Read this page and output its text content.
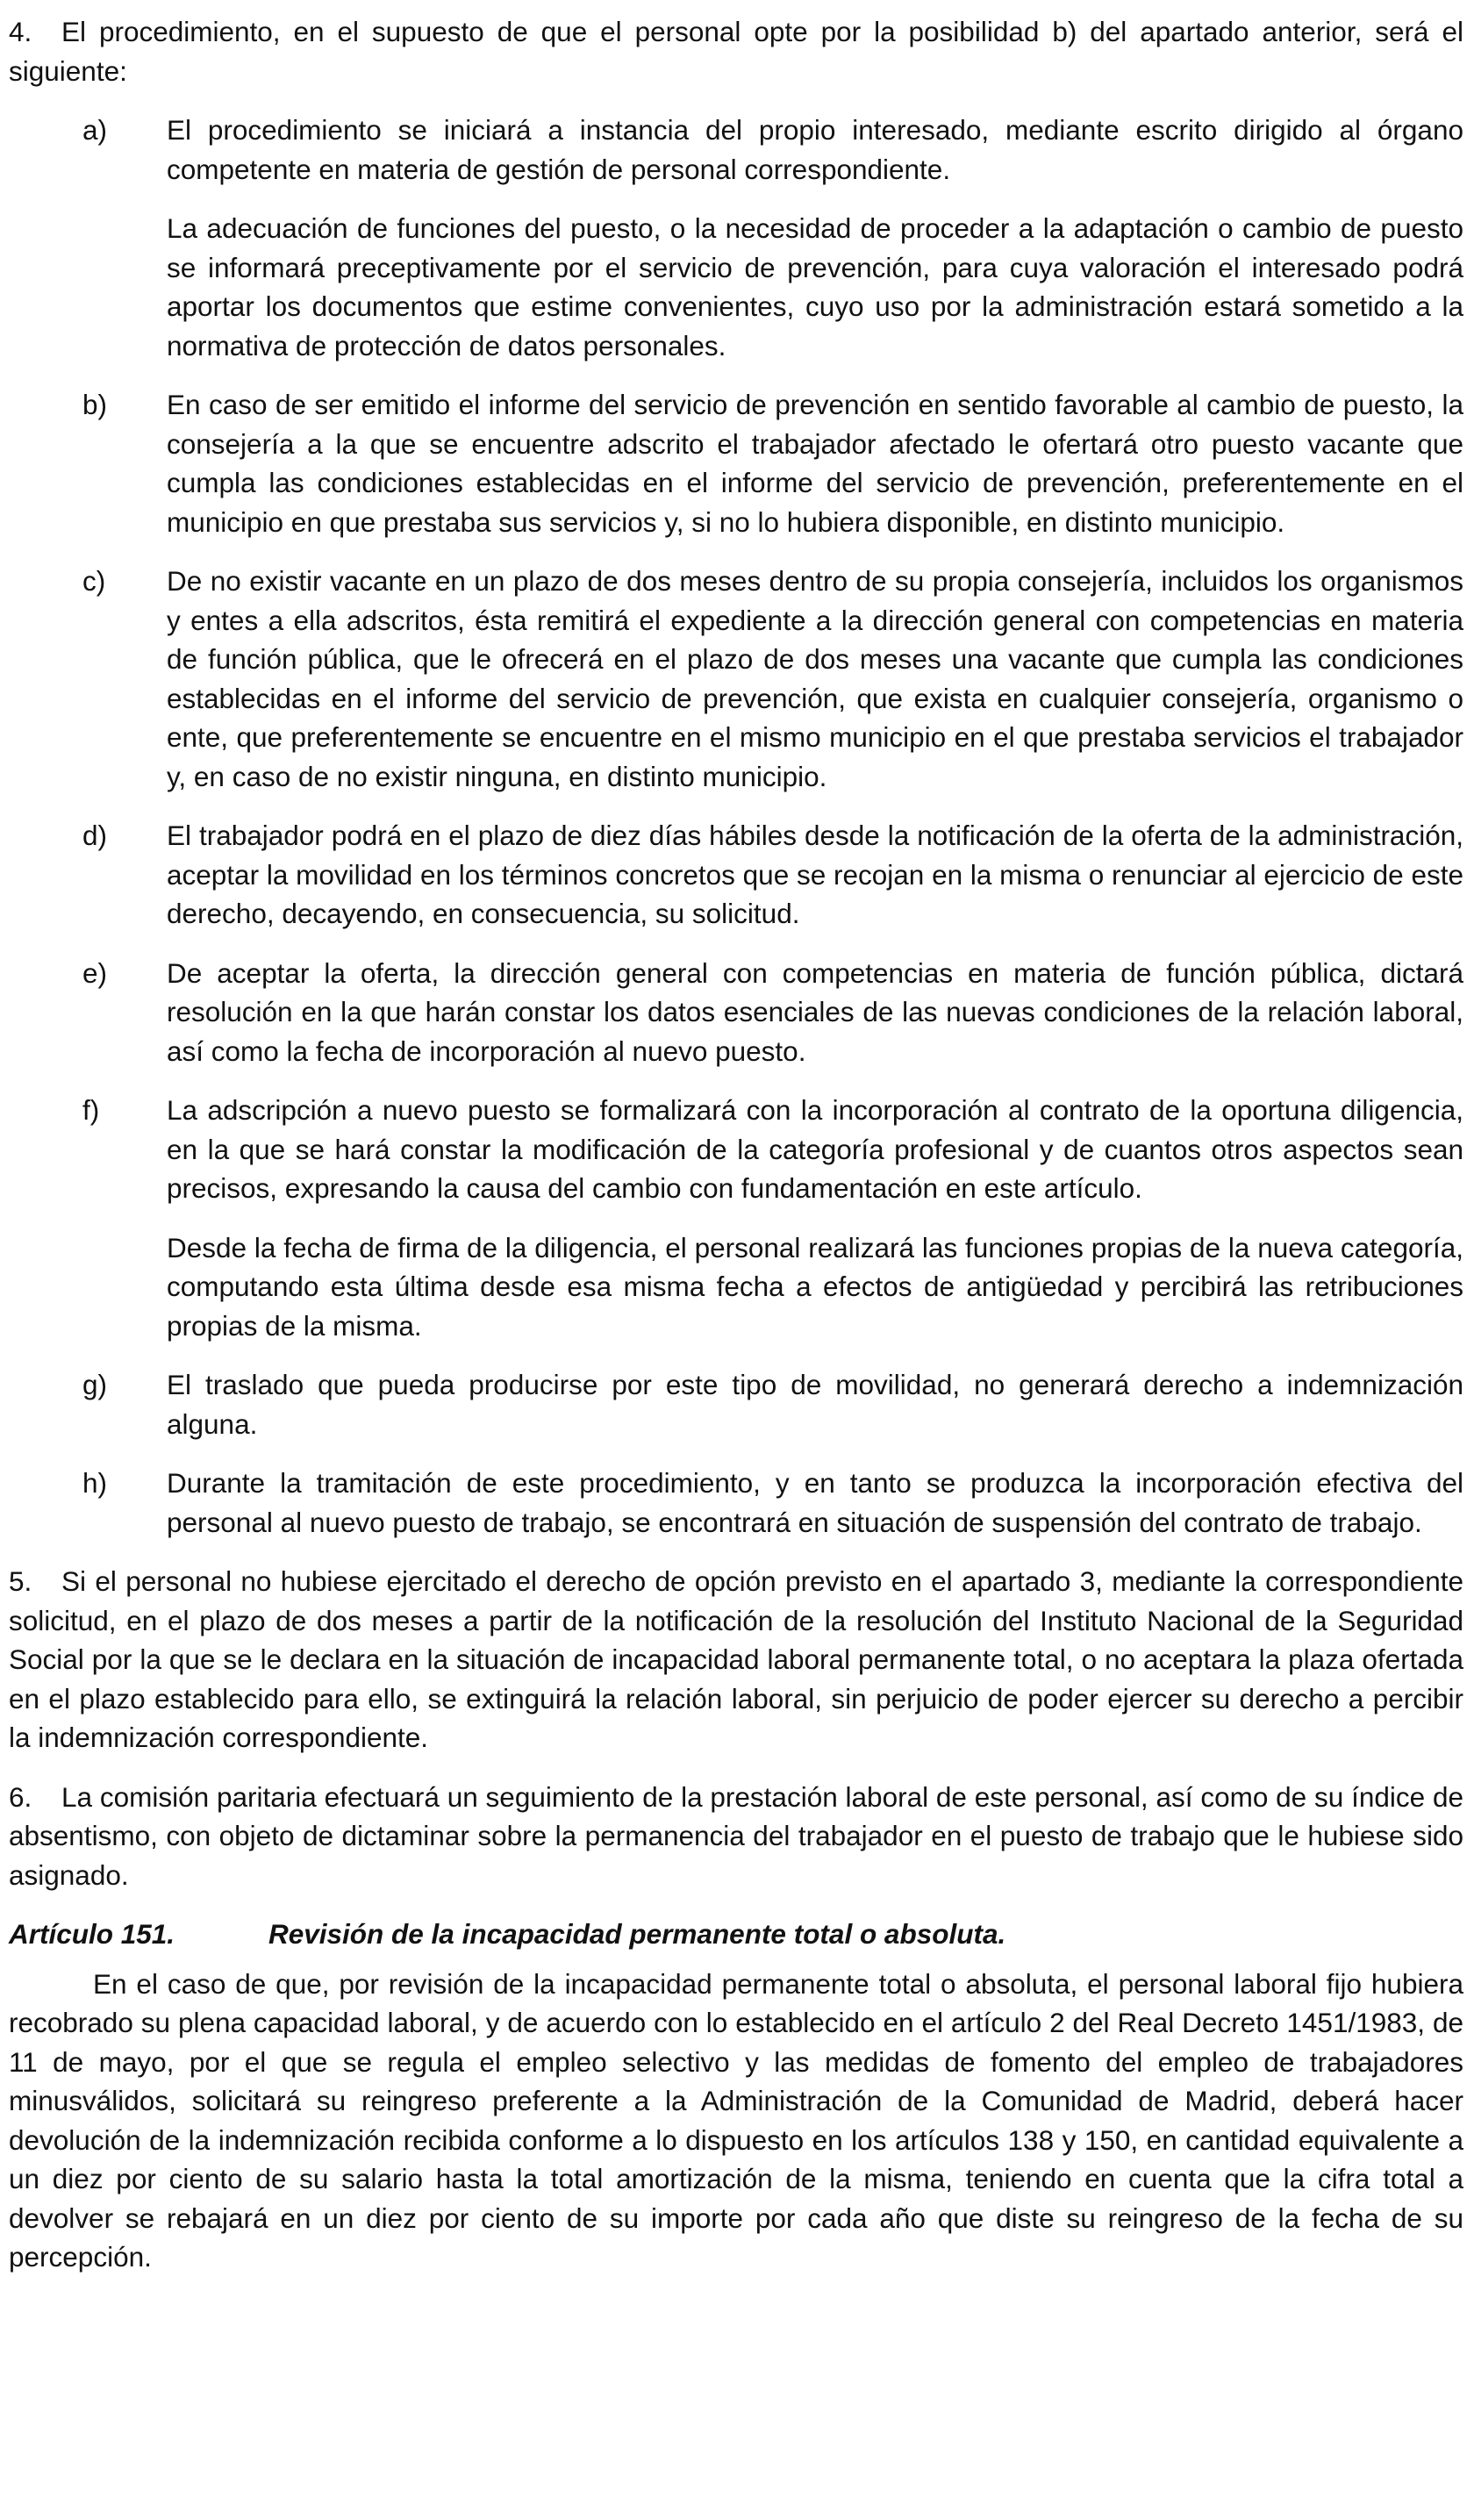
4. El procedimiento, en el supuesto de que el personal opte por la posibilidad b) del apartado anterior, será el siguiente:

a)	El procedimiento se iniciará a instancia del propio interesado, mediante escrito dirigido al órgano competente en materia de gestión de personal correspondiente.

La adecuación de funciones del puesto, o la necesidad de proceder a la adaptación o cambio de puesto se informará preceptivamente por el servicio de prevención, para cuya valoración el interesado podrá aportar los documentos que estime convenientes, cuyo uso por la administración estará sometido a la normativa de protección de datos personales.

b)	En caso de ser emitido el informe del servicio de prevención en sentido favorable al cambio de puesto, la consejería a la que se encuentre adscrito el trabajador afectado le ofertará otro puesto vacante que cumpla las condiciones establecidas en el informe del servicio de prevención, preferentemente en el municipio en que prestaba sus servicios y, si no lo hubiera disponible, en distinto municipio.

c)	De no existir vacante en un plazo de dos meses dentro de su propia consejería, incluidos los organismos y entes a ella adscritos, ésta remitirá el expediente a la dirección general con competencias en materia de función pública, que le ofrecerá en el plazo de dos meses una vacante que cumpla las condiciones establecidas en el informe del servicio de prevención, que exista en cualquier consejería, organismo o ente, que preferentemente se encuentre en el mismo municipio en el que prestaba servicios el trabajador y, en caso de no existir ninguna, en distinto municipio.

d)	El trabajador podrá en el plazo de diez días hábiles desde la notificación de la oferta de la administración, aceptar la movilidad en los términos concretos que se recojan en la misma o renunciar al ejercicio de este derecho, decayendo, en consecuencia, su solicitud.

e)	De aceptar la oferta, la dirección general con competencias en materia de función pública, dictará resolución en la que harán constar los datos esenciales de las nuevas condiciones de la relación laboral, así como la fecha de incorporación al nuevo puesto.

f)	La adscripción a nuevo puesto se formalizará con la incorporación al contrato de la oportuna diligencia, en la que se hará constar la modificación de la categoría profesional y de cuantos otros aspectos sean precisos, expresando la causa del cambio con fundamentación en este artículo.

Desde la fecha de firma de la diligencia, el personal realizará las funciones propias de la nueva categoría, computando esta última desde esa misma fecha a efectos de antigüedad y percibirá las retribuciones propias de la misma.

g)	El traslado que pueda producirse por este tipo de movilidad, no generará derecho a indemnización alguna.

h)	Durante la tramitación de este procedimiento, y en tanto se produzca la incorporación efectiva del personal al nuevo puesto de trabajo, se encontrará en situación de suspensión del contrato de trabajo.

5. Si el personal no hubiese ejercitado el derecho de opción previsto en el apartado 3, mediante la correspondiente solicitud, en el plazo de dos meses a partir de la notificación de la resolución del Instituto Nacional de la Seguridad Social por la que se le declara en la situación de incapacidad laboral permanente total, o no aceptara la plaza ofertada en el plazo establecido para ello, se extinguirá la relación laboral, sin perjuicio de poder ejercer su derecho a percibir la indemnización correspondiente.

6. La comisión paritaria efectuará un seguimiento de la prestación laboral de este personal, así como de su índice de absentismo, con objeto de dictaminar sobre la permanencia del trabajador en el puesto de trabajo que le hubiese sido asignado.

Artículo 151.	Revisión de la incapacidad permanente total o absoluta.

En el caso de que, por revisión de la incapacidad permanente total o absoluta, el personal laboral fijo hubiera recobrado su plena capacidad laboral, y de acuerdo con lo establecido en el artículo 2 del Real Decreto 1451/1983, de 11 de mayo, por el que se regula el empleo selectivo y las medidas de fomento del empleo de trabajadores minusválidos, solicitará su reingreso preferente a la Administración de la Comunidad de Madrid, deberá hacer devolución de la indemnización recibida conforme a lo dispuesto en los artículos 138 y 150, en cantidad equivalente a un diez por ciento de su salario hasta la total amortización de la misma, teniendo en cuenta que la cifra total a devolver se rebajará en un diez por ciento de su importe por cada año que diste su reingreso de la fecha de su percepción.
